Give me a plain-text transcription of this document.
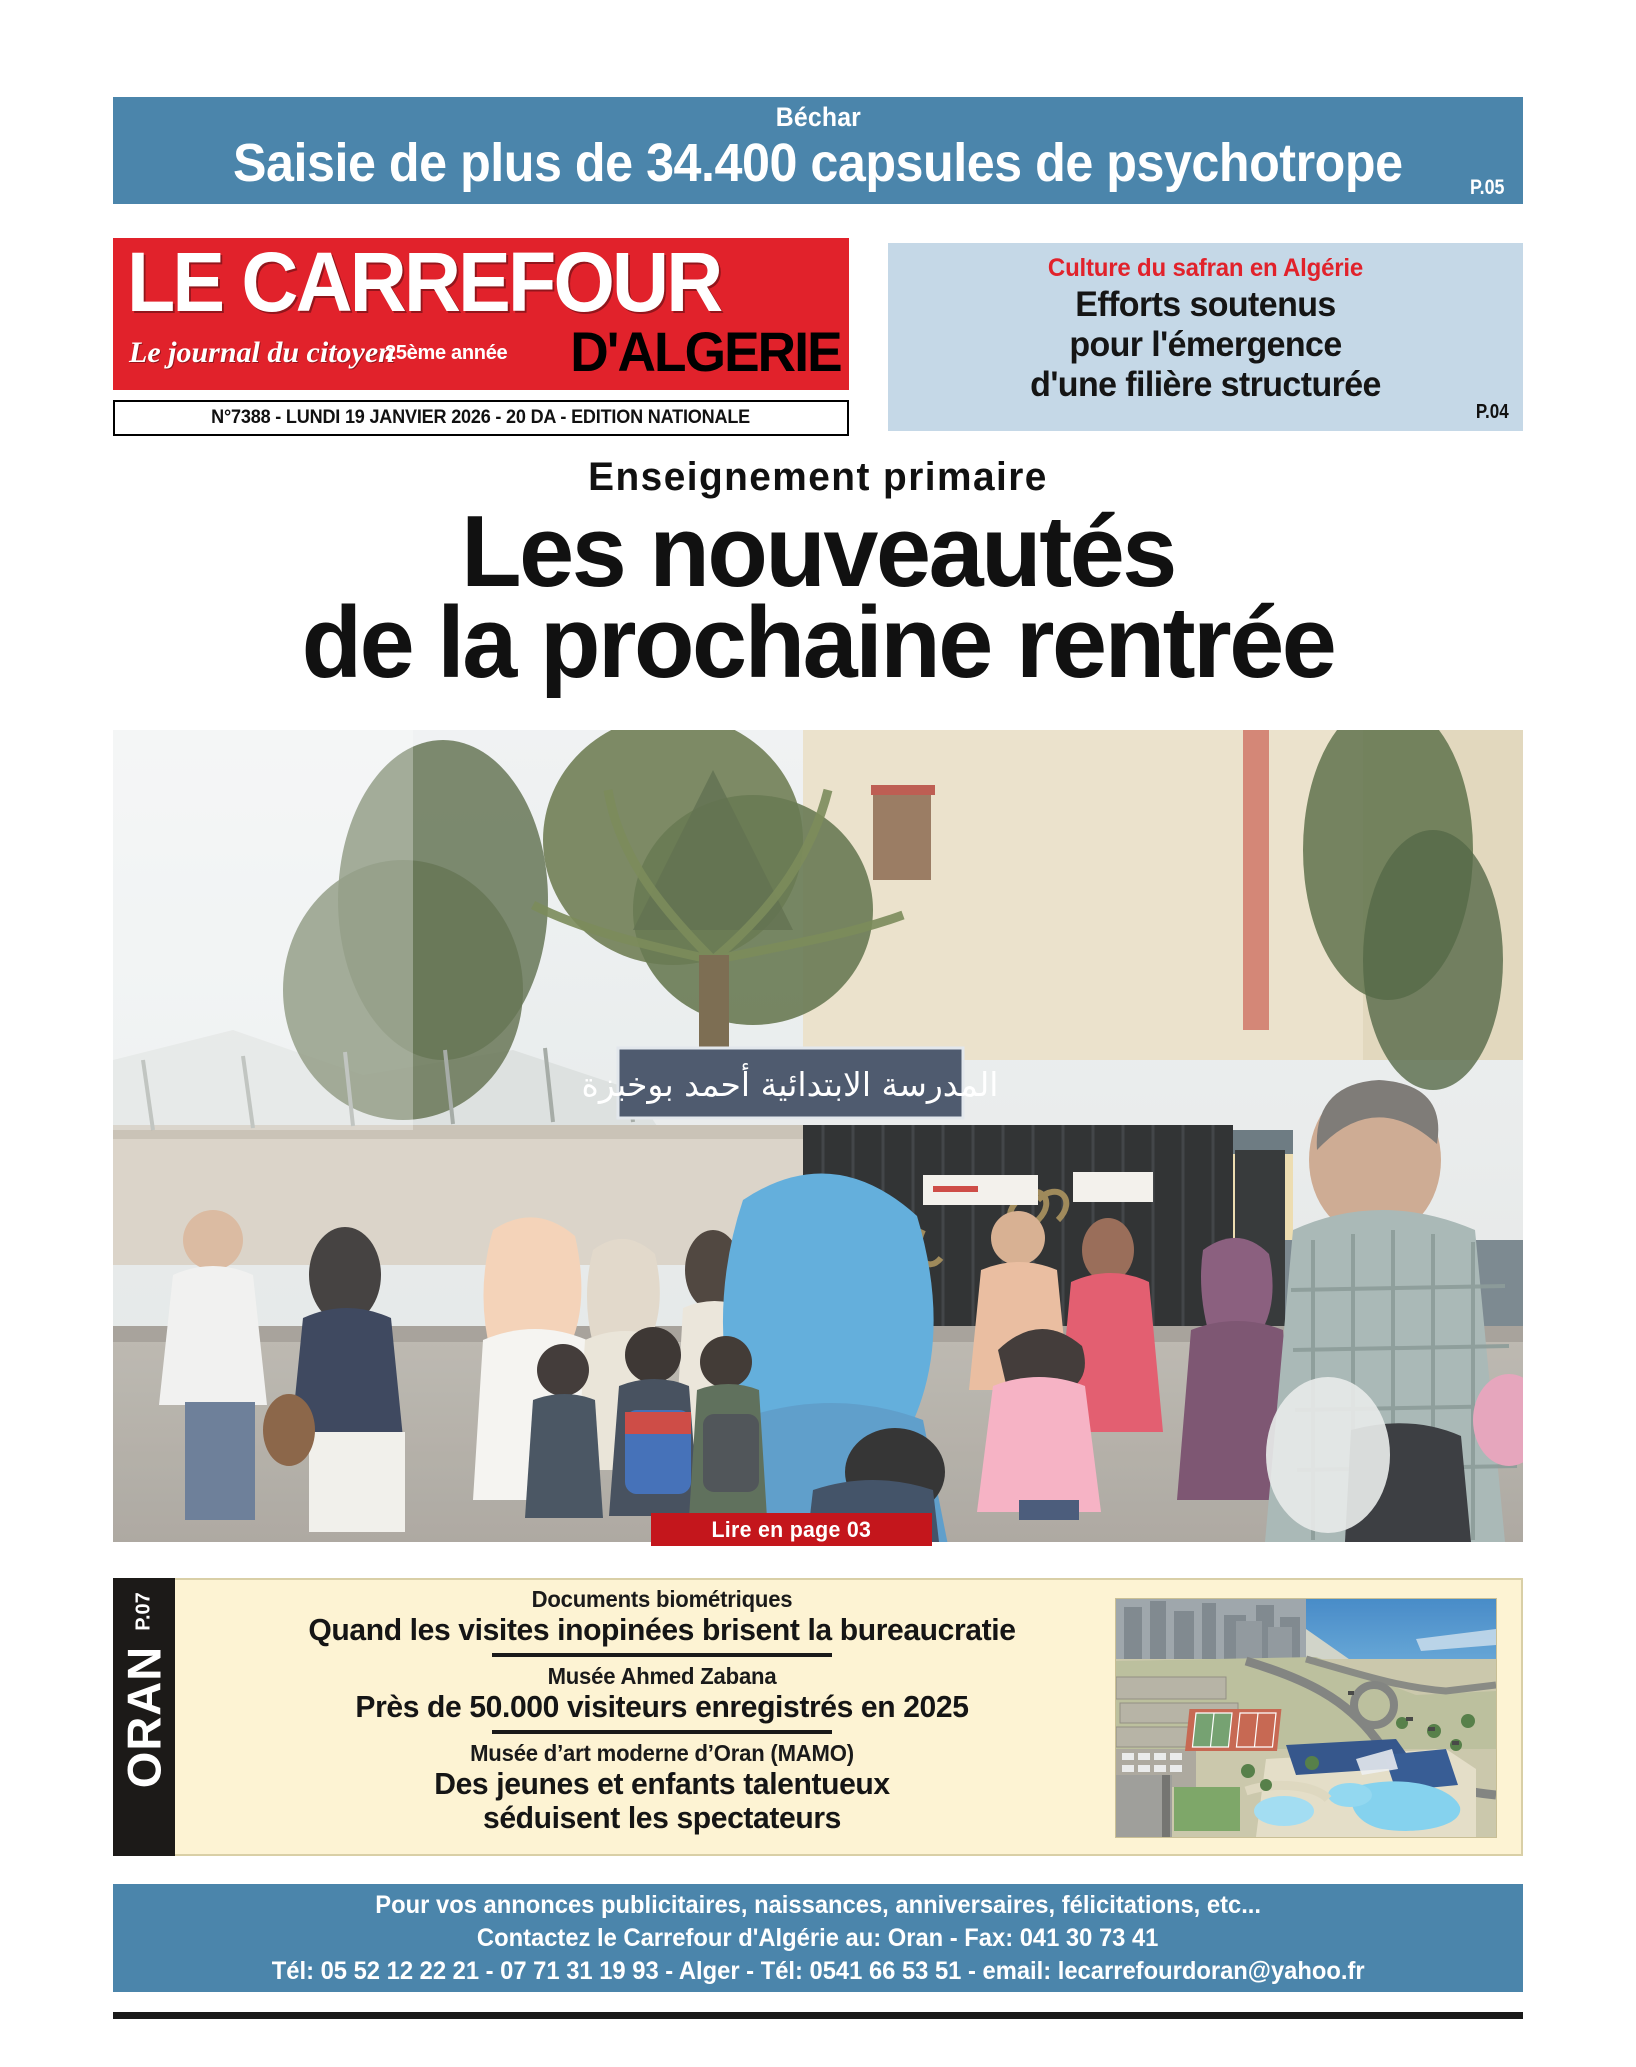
Béchar
Saisie de plus de 34.400 capsules de psychotrope	P.05
LE CARREFOUR
Le journal du citoyen
25ème année D'ALGERIE
N°7388 - LUNDI 19 JANVIER 2026 - 20 DA - EDITION NATIONALE
Culture du safran en Algérie
Efforts soutenus
pour l'émergence
d'une filière structurée
P.04
Enseignement primaire
Les nouveautés
de la prochaine rentrée
المدرسة الابتدائية أحمد بوخبزة
Lire en page 03
P.07
ORAN
Documents biométriques
Quand les visites inopinées brisent la bureaucratie
Musée Ahmed Zabana
Près de 50.000 visiteurs enregistrés en 2025
Musée d’art moderne d’Oran (MAMO)
Des jeunes et enfants talentueux
séduisent les spectateurs
Pour vos annonces publicitaires, naissances, anniversaires, félicitations, etc...
Contactez le Carrefour d'Algérie au: Oran - Fax: 041 30 73 41
Tél: 05 52 12 22 21 - 07 71 31 19 93 - Alger - Tél: 0541 66 53 51 - email: lecarrefourdoran@yahoo.fr
